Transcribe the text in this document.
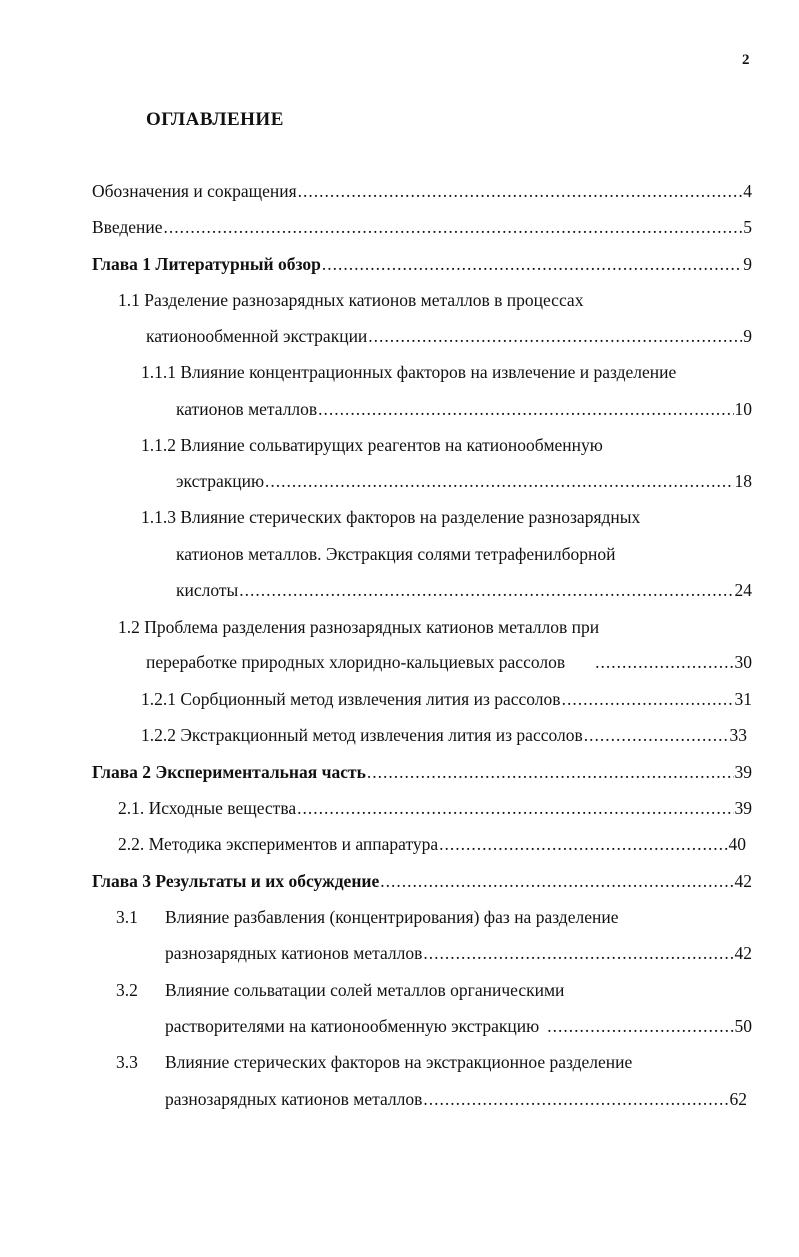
2
ОГЛАВЛЕНИЕ
Обозначения и сокращения .....	4
Введение .....	5
Глава 1 Литературный обзор .....	9
1.1 Разделение разнозарядных катионов металлов в процессах
катионообменной экстракции .....	9
1.1.1 Влияние концентрационных факторов на извлечение и разделение
катионов металлов .....	10
1.1.2 Влияние сольватирущих реагентов на катионообменную
экстракцию .....	18
1.1.3 Влияние стерических факторов на разделение разнозарядных
катионов металлов. Экстракция солями тетрафенилборной
кислоты .....	24
1.2 Проблема разделения разнозарядных катионов металлов при
переработке природных хлоридно-кальциевых рассолов .....	30
1.2.1 Сорбционный метод извлечения лития из рассолов .....	31
1.2.2 Экстракционный метод извлечения лития из рассолов .....	33
Глава 2 Экспериментальная часть .....	39
2.1. Исходные вещества .....	39
2.2. Методика экспериментов и аппаратура .....	40
Глава 3 Результаты и их обсуждение .....	42
3.1 Влияние разбавления (концентрирования) фаз на разделение
разнозарядных катионов металлов .....	42
3.2 Влияние сольватации солей металлов органическими
растворителями на катионообменную экстракцию .....	50
3.3 Влияние стерических факторов на экстракционное разделение
разнозарядных катионов металлов .....	62
